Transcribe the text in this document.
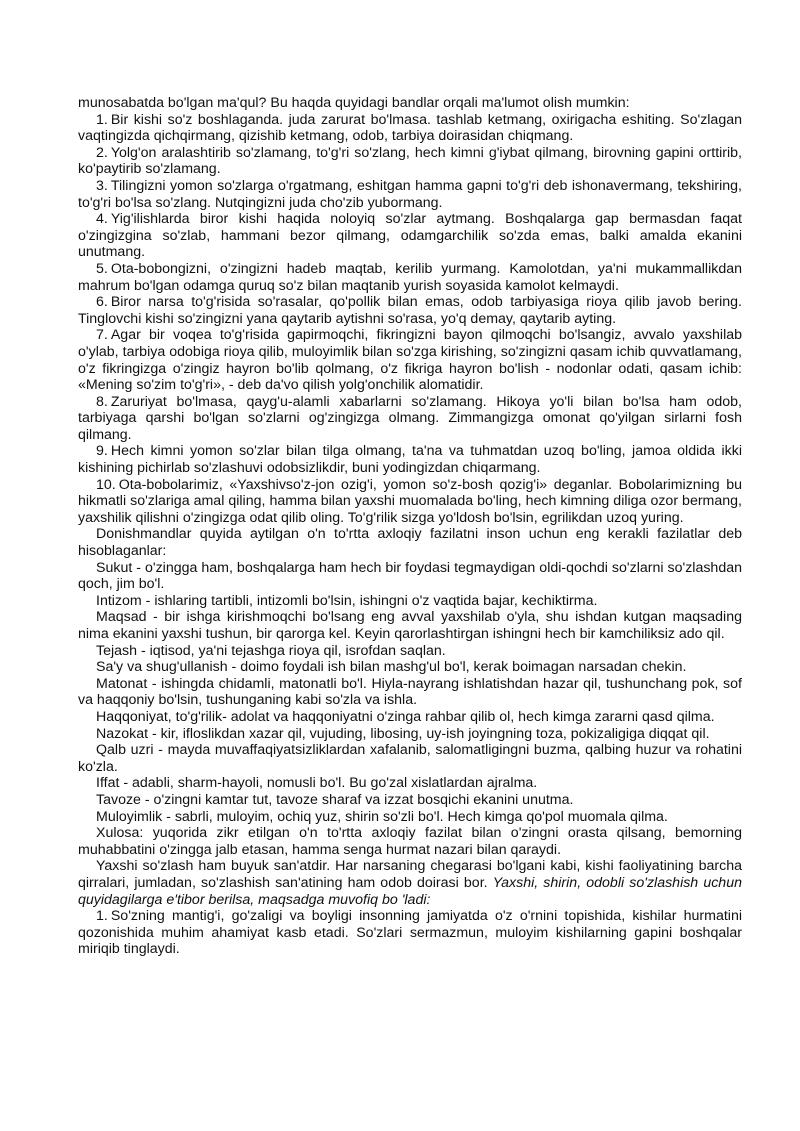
munosabatda bo'lgan ma'qul? Bu haqda quyidagi bandlar orqali ma'lumot olish mumkin:

1. Bir kishi so'z boshlaganda. juda zarurat bo'lmasa. tashlab ketmang, oxirigacha eshiting. So'zlagan vaqtingizda qichqirmang, qizishib ketmang, odob, tarbiya doirasidan chiqmang.

2. Yolg'on aralashtirib so'zlamang, to'g'ri so'zlang, hech kimni g'iybat qilmang, birovning gapini orttirib, ko'paytirib so'zlamang.

3. Tilingizni yomon so'zlarga o'rgatmang, eshitgan hamma gapni to'g'ri deb ishonavermang, tekshiring, to'g'ri bo'lsa so'zlang. Nutqingizni juda cho'zib yubormang.

4. Yig'ilishlarda biror kishi haqida noloyiq so'zlar aytmang. Boshqalarga gap bermasdan faqat o'zingizgina so'zlab, hammani bezor qilmang, odamgarchilik so'zda emas, balki amalda ekanini unutmang.

5. Ota-bobongizni, o'zingizni hadeb maqtab, kerilib yurmang. Kamolotdan, ya'ni mukammallikdan mahrum bo'lgan odamga quruq so'z bilan maqtanib yurish soyasida kamolot kelmaydi.

6. Biror narsa to'g'risida so'rasalar, qo'pollik bilan emas, odob tarbiyasiga rioya qilib javob bering. Tinglovchi kishi so'zingizni yana qaytarib aytishni so'rasa, yo'q demay, qaytarib ayting.

7. Agar bir voqea to'g'risida gapirmoqchi, fikringizni bayon qilmoqchi bo'lsangiz, avvalo yaxshilab o'ylab, tarbiya odobiga rioya qilib, muloyimlik bilan so'zga kirishing, so'zingizni qasam ichib quvvatlamang, o'z fikringizga o'zingiz hayron bo'lib qolmang, o'z fikriga hayron bo'lish - nodonlar odati, qasam ichib: «Mening so'zim to'g'ri», - deb da'vo qilish yolg'onchilik alomatidir.

8. Zaruriyat bo'lmasa, qayg'u-alamli xabarlarni so'zlamang. Hikoya yo'li bilan bo'lsa ham odob, tarbiyaga qarshi bo'lgan so'zlarni og'zingizga olmang. Zimmangizga omonat qo'yilgan sirlarni fosh qilmang.

9. Hech kimni yomon so'zlar bilan tilga olmang, ta'na va tuhmatdan uzoq bo'ling, jamoa oldida ikki kishining pichirlab so'zlashuvi odobsizlikdir, buni yodingizdan chiqarmang.

10. Ota-bobolarimiz, «Yaxshivso'z-jon ozig'i, yomon so'z-bosh qozig'i» deganlar. Bobolarimizning bu hikmatli so'zlariga amal qiling, hamma bilan yaxshi muomalada bo'ling, hech kimning diliga ozor bermang, yaxshilik qilishni o'zingizga odat qilib oling. To'g'rilik sizga yo'ldosh bo'lsin, egrilikdan uzoq yuring.

Donishmandlar quyida aytilgan o'n to'rtta axloqiy fazilatni inson uchun eng kerakli fazilatlar deb hisoblaganlar:

Sukut - o'zingga ham, boshqalarga ham hech bir foydasi tegmaydigan oldi-qochdi so'zlarni so'zlashdan qoch, jim bo'l.

Intizom - ishlaring tartibli, intizomli bo'lsin, ishingni o'z vaqtida bajar, kechiktirma.

Maqsad - bir ishga kirishmoqchi bo'lsang eng avval yaxshilab o'yla, shu ishdan kutgan maqsading nima ekanini yaxshi tushun, bir qarorga kel. Keyin qarorlashtirgan ishingni hech bir kamchiliksiz ado qil.

Tejash - iqtisod, ya'ni tejashga rioya qil, isrofdan saqlan.

Sa'y va shug'ullanish - doimo foydali ish bilan mashg'ul bo'l, kerak boimagan narsadan chekin.

Matonat - ishingda chidamli, matonatli bo'l. Hiyla-nayrang ishlatishdan hazar qil, tushunchang pok, sof va haqqoniy bo'lsin, tushunganing kabi so'zla va ishla.

Haqqoniyat, to'g'rilik- adolat va haqqoniyatni o'zinga rahbar qilib ol, hech kimga zararni qasd qilma.

Nazokat - kir, ifloslikdan xazar qil, vujuding, libosing, uy-ish joyingning toza, pokizaligiga diqqat qil.

Qalb uzri - mayda muvaffaqiyatsizliklardan xafalanib, salomatligingni buzma, qalbing huzur va rohatini ko'zla.

Iffat - adabli, sharm-hayoli, nomusli bo'l. Bu go'zal xislatlardan ajralma.

Tavoze - o'zingni kamtar tut, tavoze sharaf va izzat bosqichi ekanini unutma.

Muloyimlik - sabrli, muloyim, ochiq yuz, shirin so'zli bo'l. Hech kimga qo'pol muomala qilma.

Xulosa: yuqorida zikr etilgan o'n to'rtta axloqiy fazilat bilan o'zingni orasta qilsang, bemorning muhabbatini o'zingga jalb etasan, hamma senga hurmat nazari bilan qaraydi.

Yaxshi so'zlash ham buyuk san'atdir. Har narsaning chegarasi bo'lgani kabi, kishi faoliyatining barcha qirralari, jumladan, so'zlashish san'atining ham odob doirasi bor. Yaxshi, shirin, odobli so'zlashish uchun quyidagilarga e'tibor berilsa, maqsadga muvofiq bo 'ladi:

1. So'zning mantig'i, go'zaligi va boyligi insonning jamiyatda o'z o'rnini topishida, kishilar hurmatini qozonishida muhim ahamiyat kasb etadi. So'zlari sermazmun, muloyim kishilarning gapini boshqalar miriqib tinglaydi.
